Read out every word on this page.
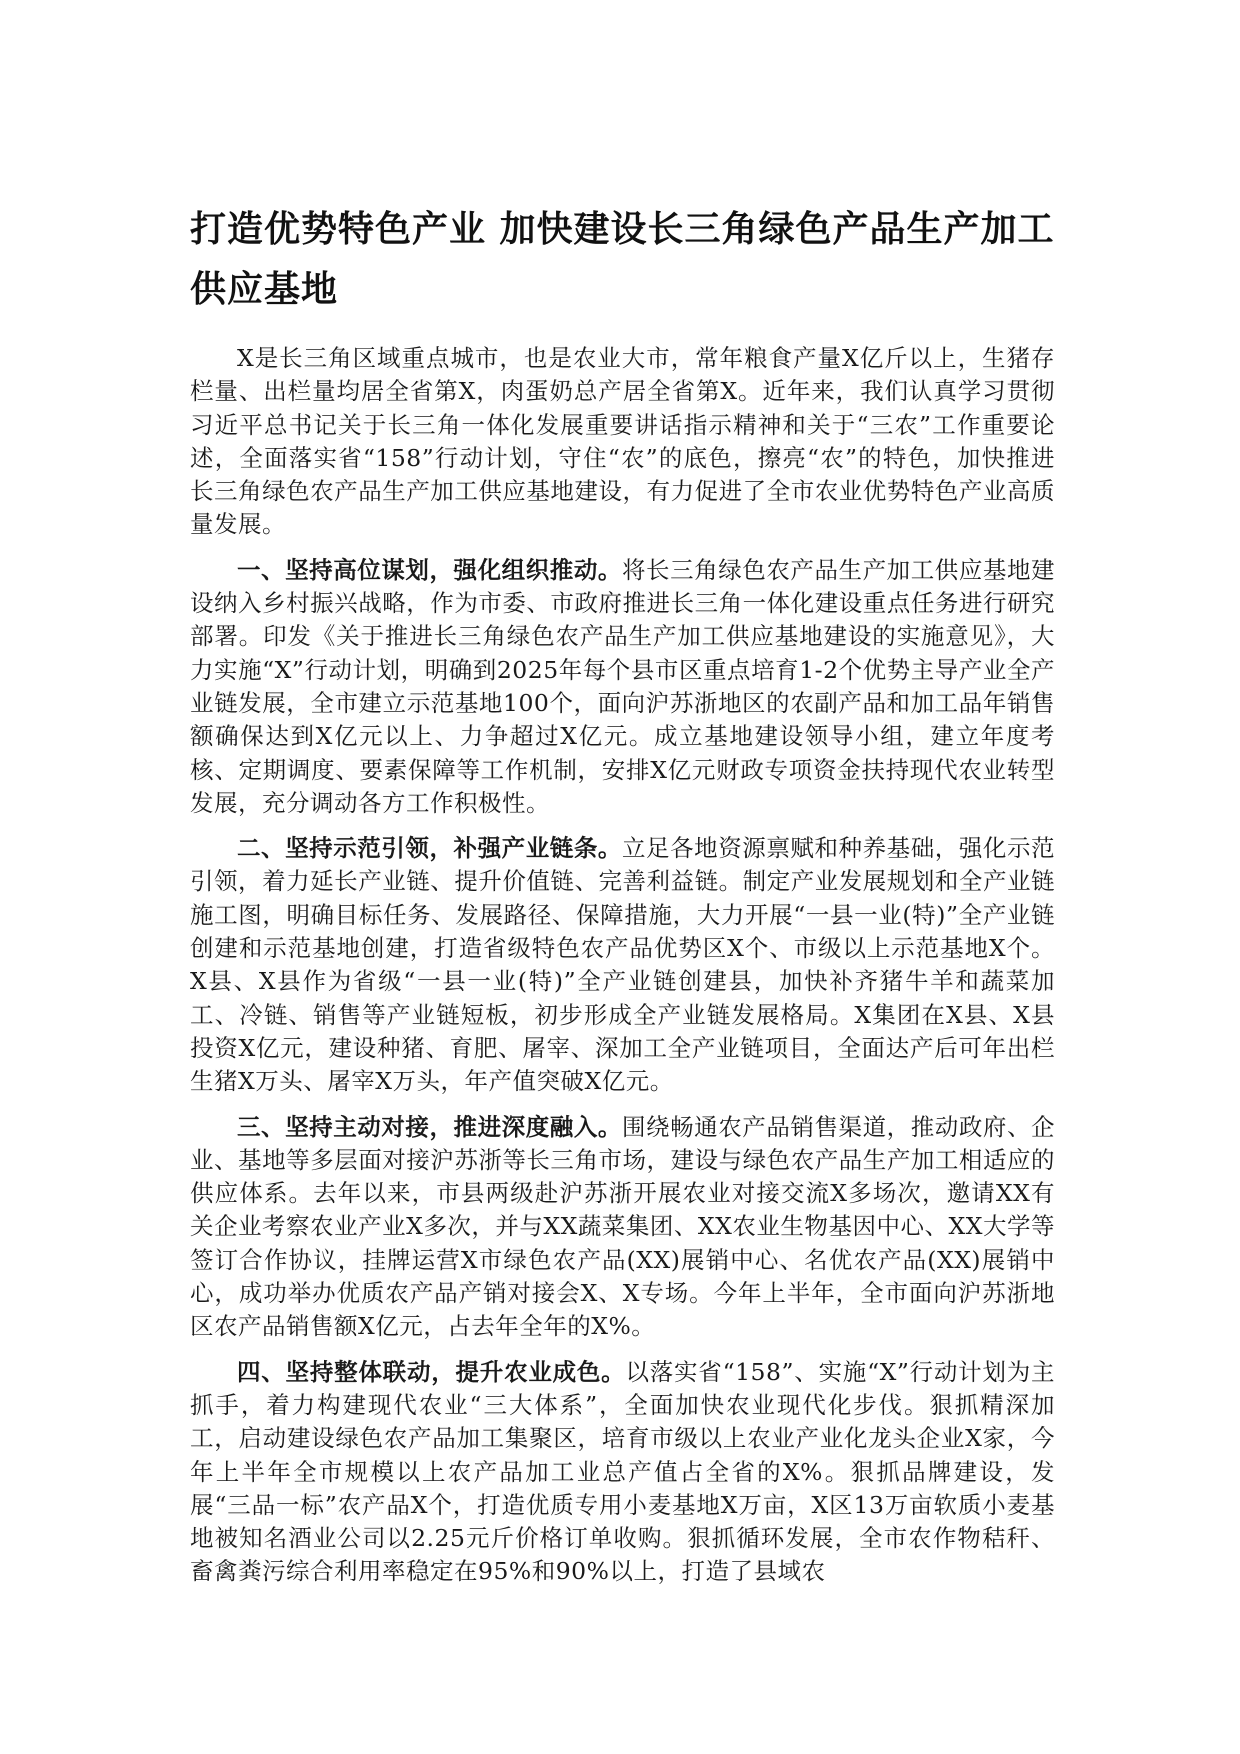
打造优势特色产业 加快建设长三角绿色产品生产加工供应基地

X是长三角区域重点城市，也是农业大市，常年粮食产量X亿斤以上，生猪存栏量、出栏量均居全省第X，肉蛋奶总产居全省第X。近年来，我们认真学习贯彻习近平总书记关于长三角一体化发展重要讲话指示精神和关于“三农”工作重要论述，全面落实省“158”行动计划，守住“农”的底色，擦亮“农”的特色，加快推进长三角绿色农产品生产加工供应基地建设，有力促进了全市农业优势特色产业高质量发展。

一、坚持高位谋划，强化组织推动。将长三角绿色农产品生产加工供应基地建设纳入乡村振兴战略，作为市委、市政府推进长三角一体化建设重点任务进行研究部署。印发《关于推进长三角绿色农产品生产加工供应基地建设的实施意见》，大力实施“X”行动计划，明确到2025年每个县市区重点培育1-2个优势主导产业全产业链发展，全市建立示范基地100个，面向沪苏浙地区的农副产品和加工品年销售额确保达到X亿元以上、力争超过X亿元。成立基地建设领导小组，建立年度考核、定期调度、要素保障等工作机制，安排X亿元财政专项资金扶持现代农业转型发展，充分调动各方工作积极性。

二、坚持示范引领，补强产业链条。立足各地资源禀赋和种养基础，强化示范引领，着力延长产业链、提升价值链、完善利益链。制定产业发展规划和全产业链施工图，明确目标任务、发展路径、保障措施，大力开展“一县一业(特)”全产业链创建和示范基地创建，打造省级特色农产品优势区X个、市级以上示范基地X个。X县、X县作为省级“一县一业(特)”全产业链创建县，加快补齐猪牛羊和蔬菜加工、冷链、销售等产业链短板，初步形成全产业链发展格局。X集团在X县、X县投资X亿元，建设种猪、育肥、屠宰、深加工全产业链项目，全面达产后可年出栏生猪X万头、屠宰X万头，年产值突破X亿元。

三、坚持主动对接，推进深度融入。围绕畅通农产品销售渠道，推动政府、企业、基地等多层面对接沪苏浙等长三角市场，建设与绿色农产品生产加工相适应的供应体系。去年以来，市县两级赴沪苏浙开展农业对接交流X多场次，邀请XX有关企业考察农业产业X多次，并与XX蔬菜集团、XX农业生物基因中心、XX大学等签订合作协议，挂牌运营X市绿色农产品(XX)展销中心、名优农产品(XX)展销中心，成功举办优质农产品产销对接会X、X专场。今年上半年，全市面向沪苏浙地区农产品销售额X亿元，占去年全年的X%。

四、坚持整体联动，提升农业成色。以落实省“158”、实施“X”行动计划为主抓手，着力构建现代农业“三大体系”，全面加快农业现代化步伐。狠抓精深加工，启动建设绿色农产品加工集聚区，培育市级以上农业产业化龙头企业X家，今年上半年全市规模以上农产品加工业总产值占全省的X%。狠抓品牌建设，发展“三品一标”农产品X个，打造优质专用小麦基地X万亩，X区13万亩软质小麦基地被知名酒业公司以2.25元斤价格订单收购。狠抓循环发展，全市农作物秸秆、畜禽粪污综合利用率稳定在95%和90%以上，打造了县域农
